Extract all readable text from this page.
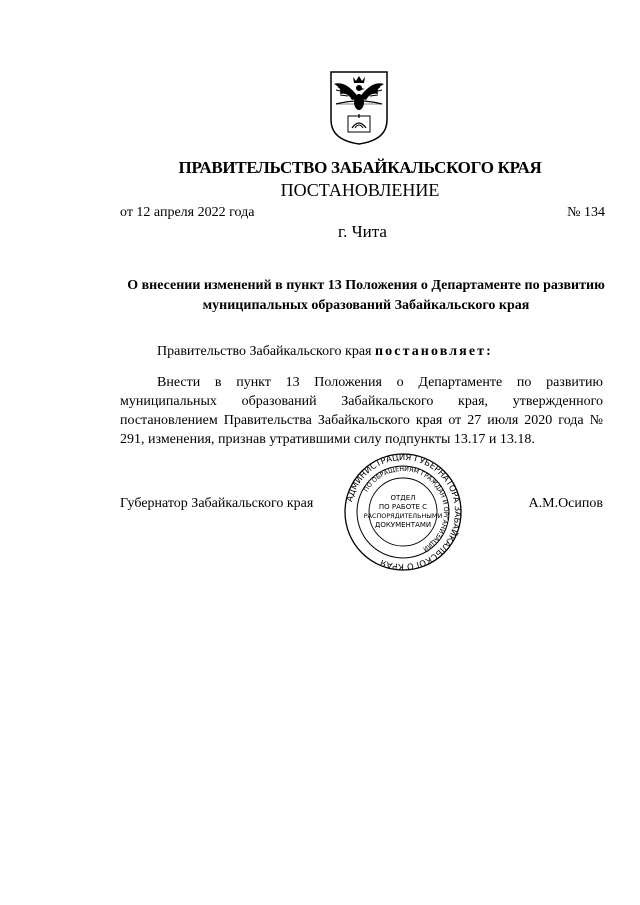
ПРАВИТЕЛЬСТВО ЗАБАЙКАЛЬСКОГО КРАЯ
ПОСТАНОВЛЕНИЕ
от 12 апреля 2022 года	№ 134
г. Чита
О внесении изменений в пункт 13 Положения о Департаменте по развитию муниципальных образований Забайкальского края
Правительство Забайкальского края постановляет:
Внести в пункт 13 Положения о Департаменте по развитию муниципальных образований Забайкальского края, утвержденного постановлением Правительства Забайкальского края от 27 июля 2020 года № 291, изменения, признав утратившими силу подпункты 13.17 и 13.18.
Губернатор Забайкальского края	А.М.Осипов
АДМИНИСТРАЦИЯ ГУБЕРНАТОРА ЗАБАЙКАЛЬСКОГО КРАЯ
ПО ОБРАЩЕНИЯМ ГРАЖДАН И ОРГАНИЗАЦИЙ
ОТДЕЛ
ПО РАБОТЕ С
РАСПОРЯДИТЕЛЬНЫМИ
ДОКУМЕНТАМИ
